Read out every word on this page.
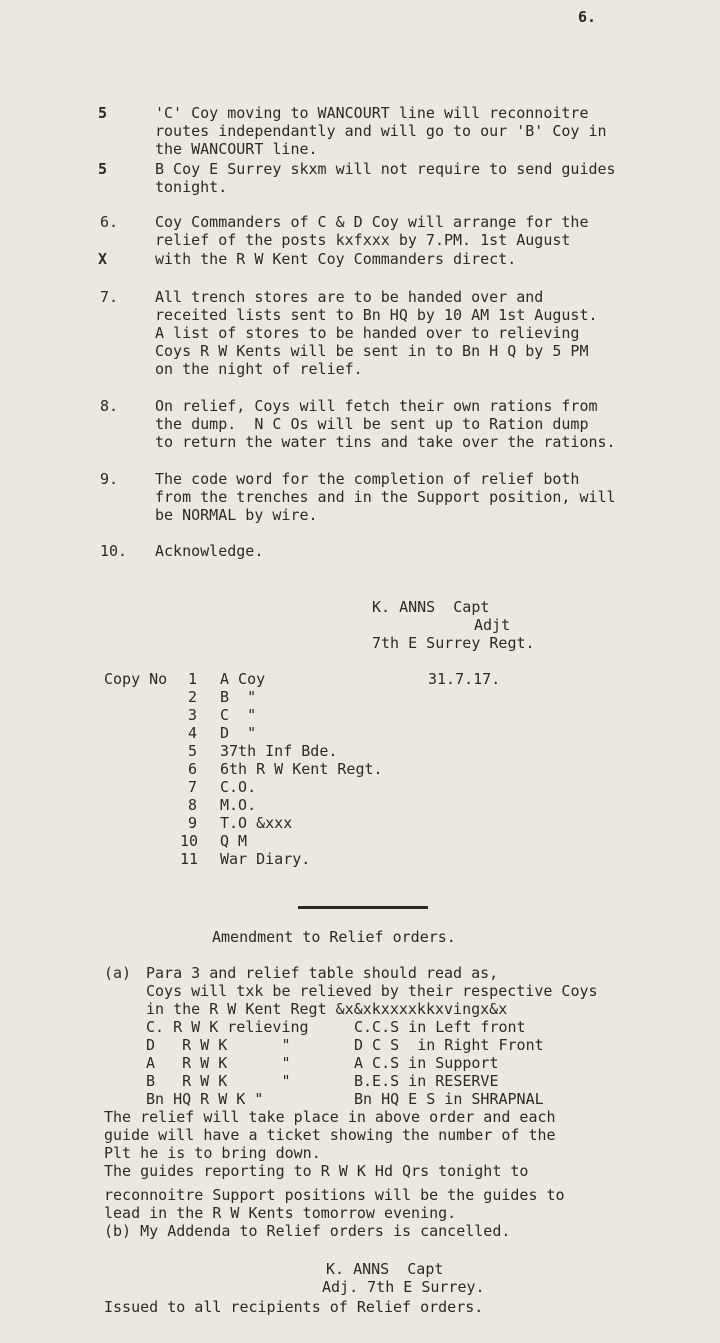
6.
5	'C' Coy moving to WANCOURT line will reconnoitre
routes independantly and will go to our 'B' Coy in
the WANCOURT line.
5	B Coy E Surrey skxm will not require to send guides
tonight.
6. Coy Commanders of C & D Coy will arrange for the
relief of the posts kxfxxx by 7.PM. 1st August
X	with the R W Kent Coy Commanders direct.
7. All trench stores are to be handed over and
receited lists sent to Bn HQ by 10 AM 1st August.
A list of stores to be handed over to relieving
Coys R W Kents will be sent in to Bn H Q by 5 PM
on the night of relief.
8. On relief, Coys will fetch their own rations from
the dump.  N C Os will be sent up to Ration dump
to return the water tins and take over the rations.
9. The code word for the completion of relief both
from the trenches and in the Support position, will
be NORMAL by wire.
10. Acknowledge.
K. ANNS  Capt
Adjt
7th E Surrey Regt.
Copy No	31.7.17.
1 A Coy
2 B  "
3 C  "
4 D  "
5 37th Inf Bde.
6 6th R W Kent Regt.
7 C.O.
8 M.O.
9 T.O &xxx
10 Q M
11 War Diary.
Amendment to Relief orders.
(a) Para 3 and relief table should read as,
Coys will txk be relieved by their respective Coys
in the R W Kent Regt &x&xkxxxxkkxvingx&x
C. R W K relieving	C.C.S in Left front
D   R W K      "	D C S  in Right Front
A   R W K      "	A C.S in Support
B   R W K      "	B.E.S in RESERVE
Bn HQ R W K "	Bn HQ E S in SHRAPNAL
The relief will take place in above order and each
guide will have a ticket showing the number of the
Plt he is to bring down.
The guides reporting to R W K Hd Qrs tonight to
reconnoitre Support positions will be the guides to
lead in the R W Kents tomorrow evening.
(b) My Addenda to Relief orders is cancelled.
K. ANNS  Capt
Adj. 7th E Surrey.
Issued to all recipients of Relief orders.
